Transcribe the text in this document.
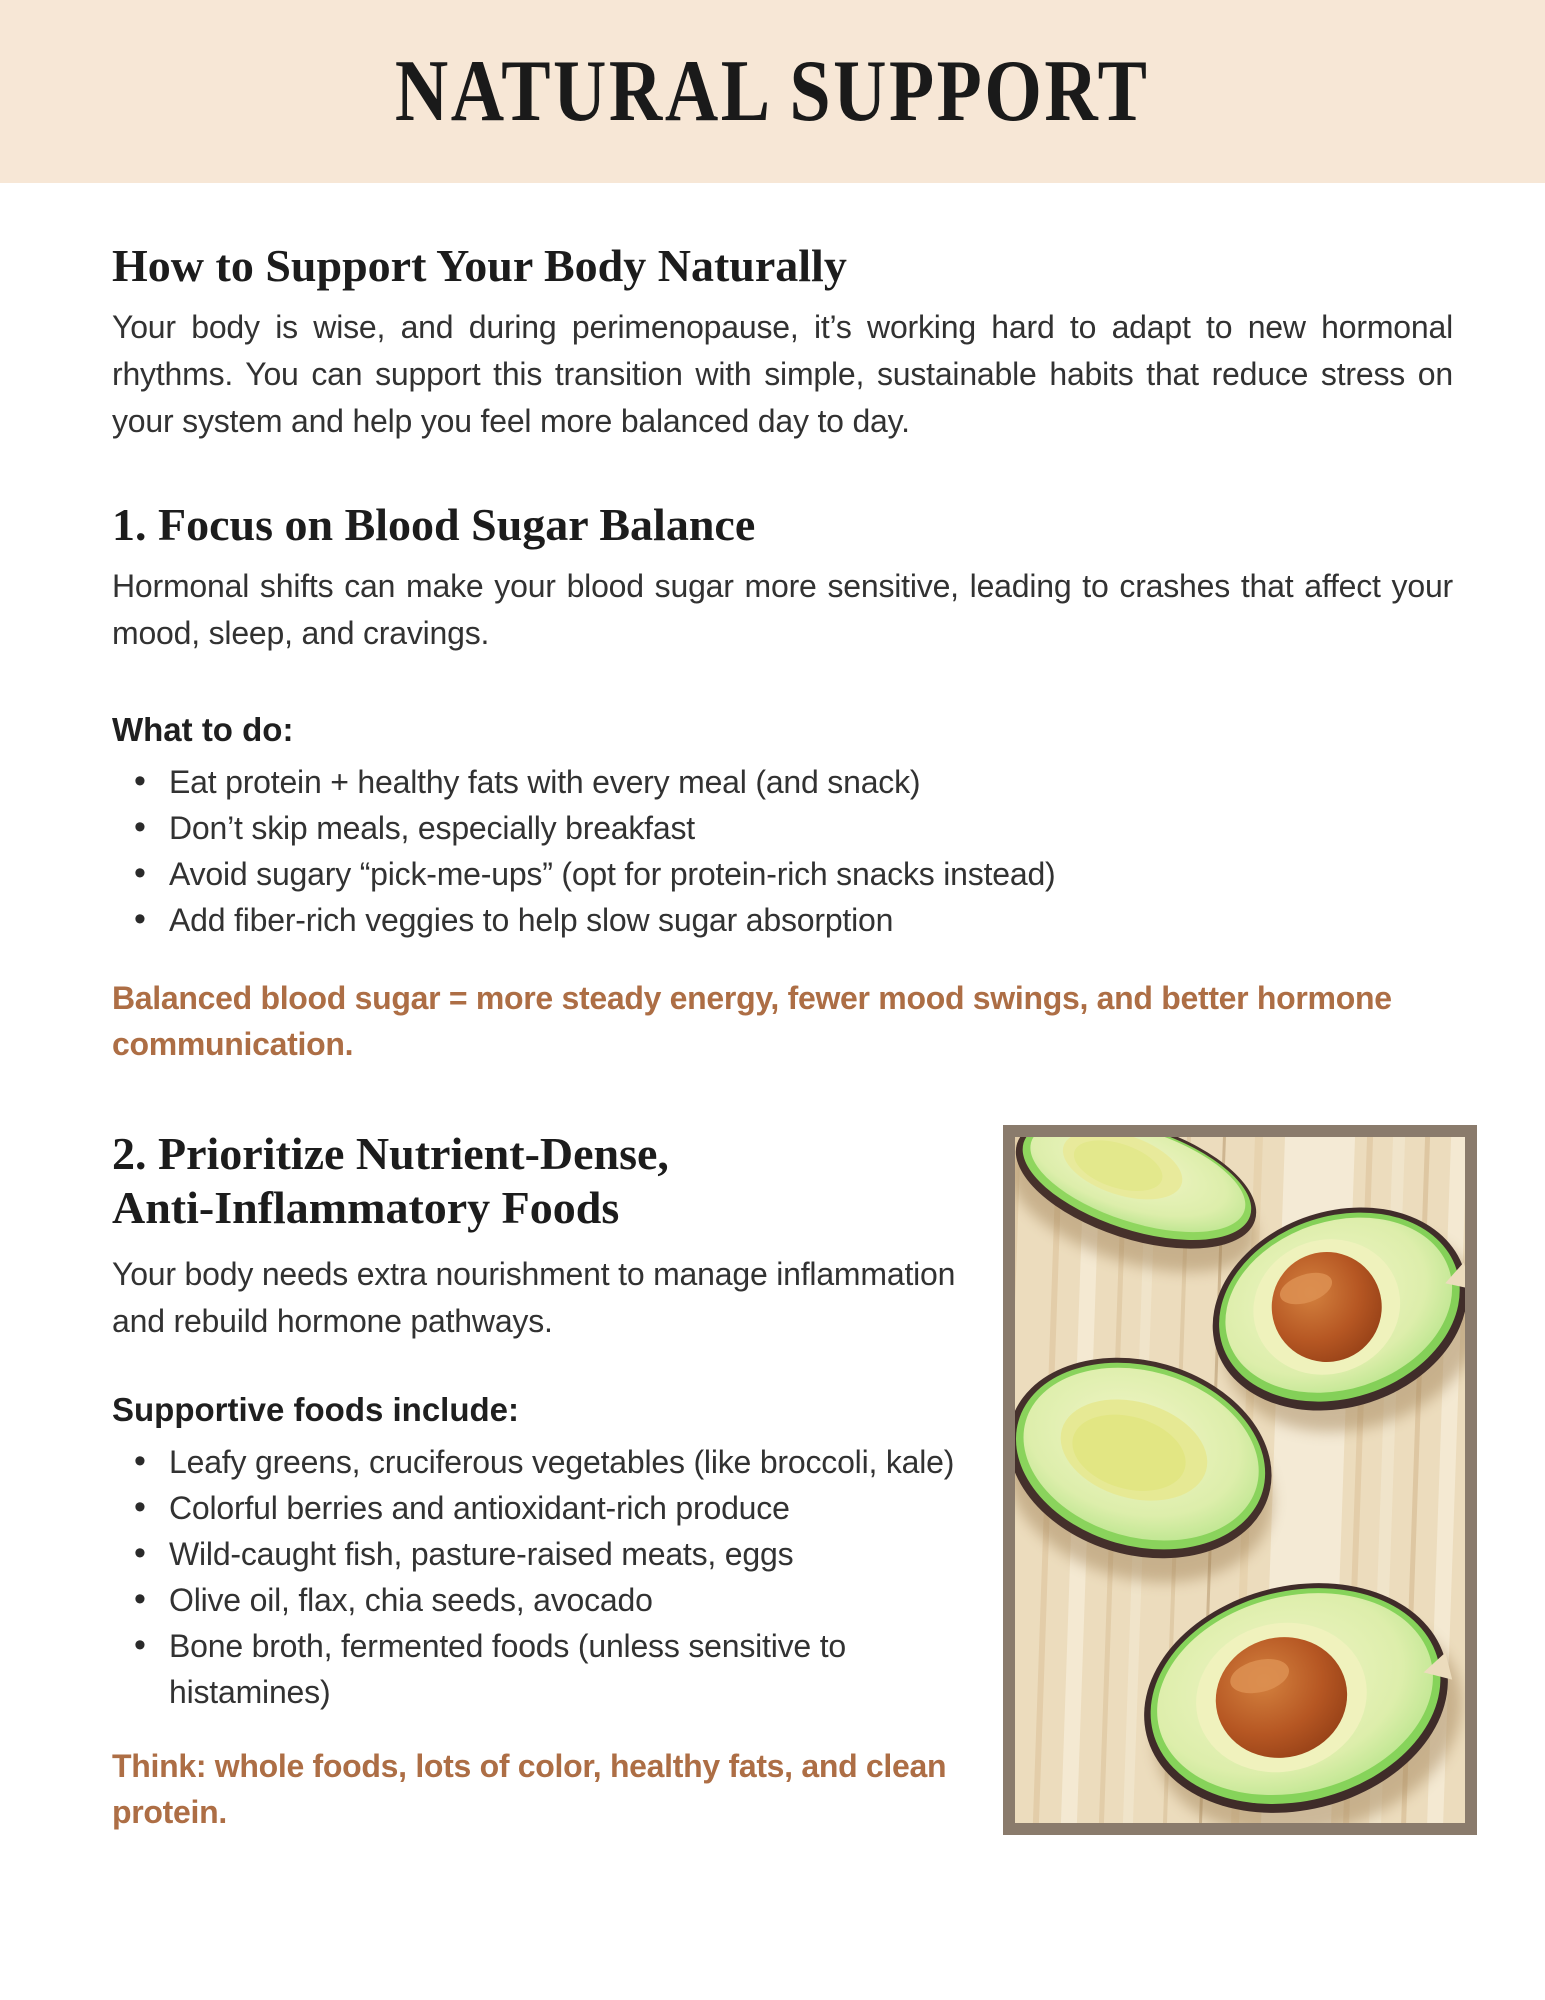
NATURAL SUPPORT
How to Support Your Body Naturally

Your body is wise, and during perimenopause, it’s working hard to adapt to new hormonal rhythms. You can support this transition with simple, sustainable habits that reduce stress on your system and help you feel more balanced day to day.

1. Focus on Blood Sugar Balance

Hormonal shifts can make your blood sugar more sensitive, leading to crashes that affect your mood, sleep, and cravings.

What to do:
• Eat protein + healthy fats with every meal (and snack)
• Don’t skip meals, especially breakfast
• Avoid sugary “pick-me-ups” (opt for protein-rich snacks instead)
• Add fiber-rich veggies to help slow sugar absorption
Balanced blood sugar = more steady energy, fewer mood swings, and better hormone communication.
2. Prioritize Nutrient-Dense,
Anti-Inflammatory Foods

Your body needs extra nourishment to manage inflammation and rebuild hormone pathways.

Supportive foods include:
• Leafy greens, cruciferous vegetables (like broccoli, kale)
• Colorful berries and antioxidant-rich produce
• Wild-caught fish, pasture-raised meats, eggs
• Olive oil, flax, chia seeds, avocado
• Bone broth, fermented foods (unless sensitive to histamines)
Think: whole foods, lots of color, healthy fats, and clean protein.
